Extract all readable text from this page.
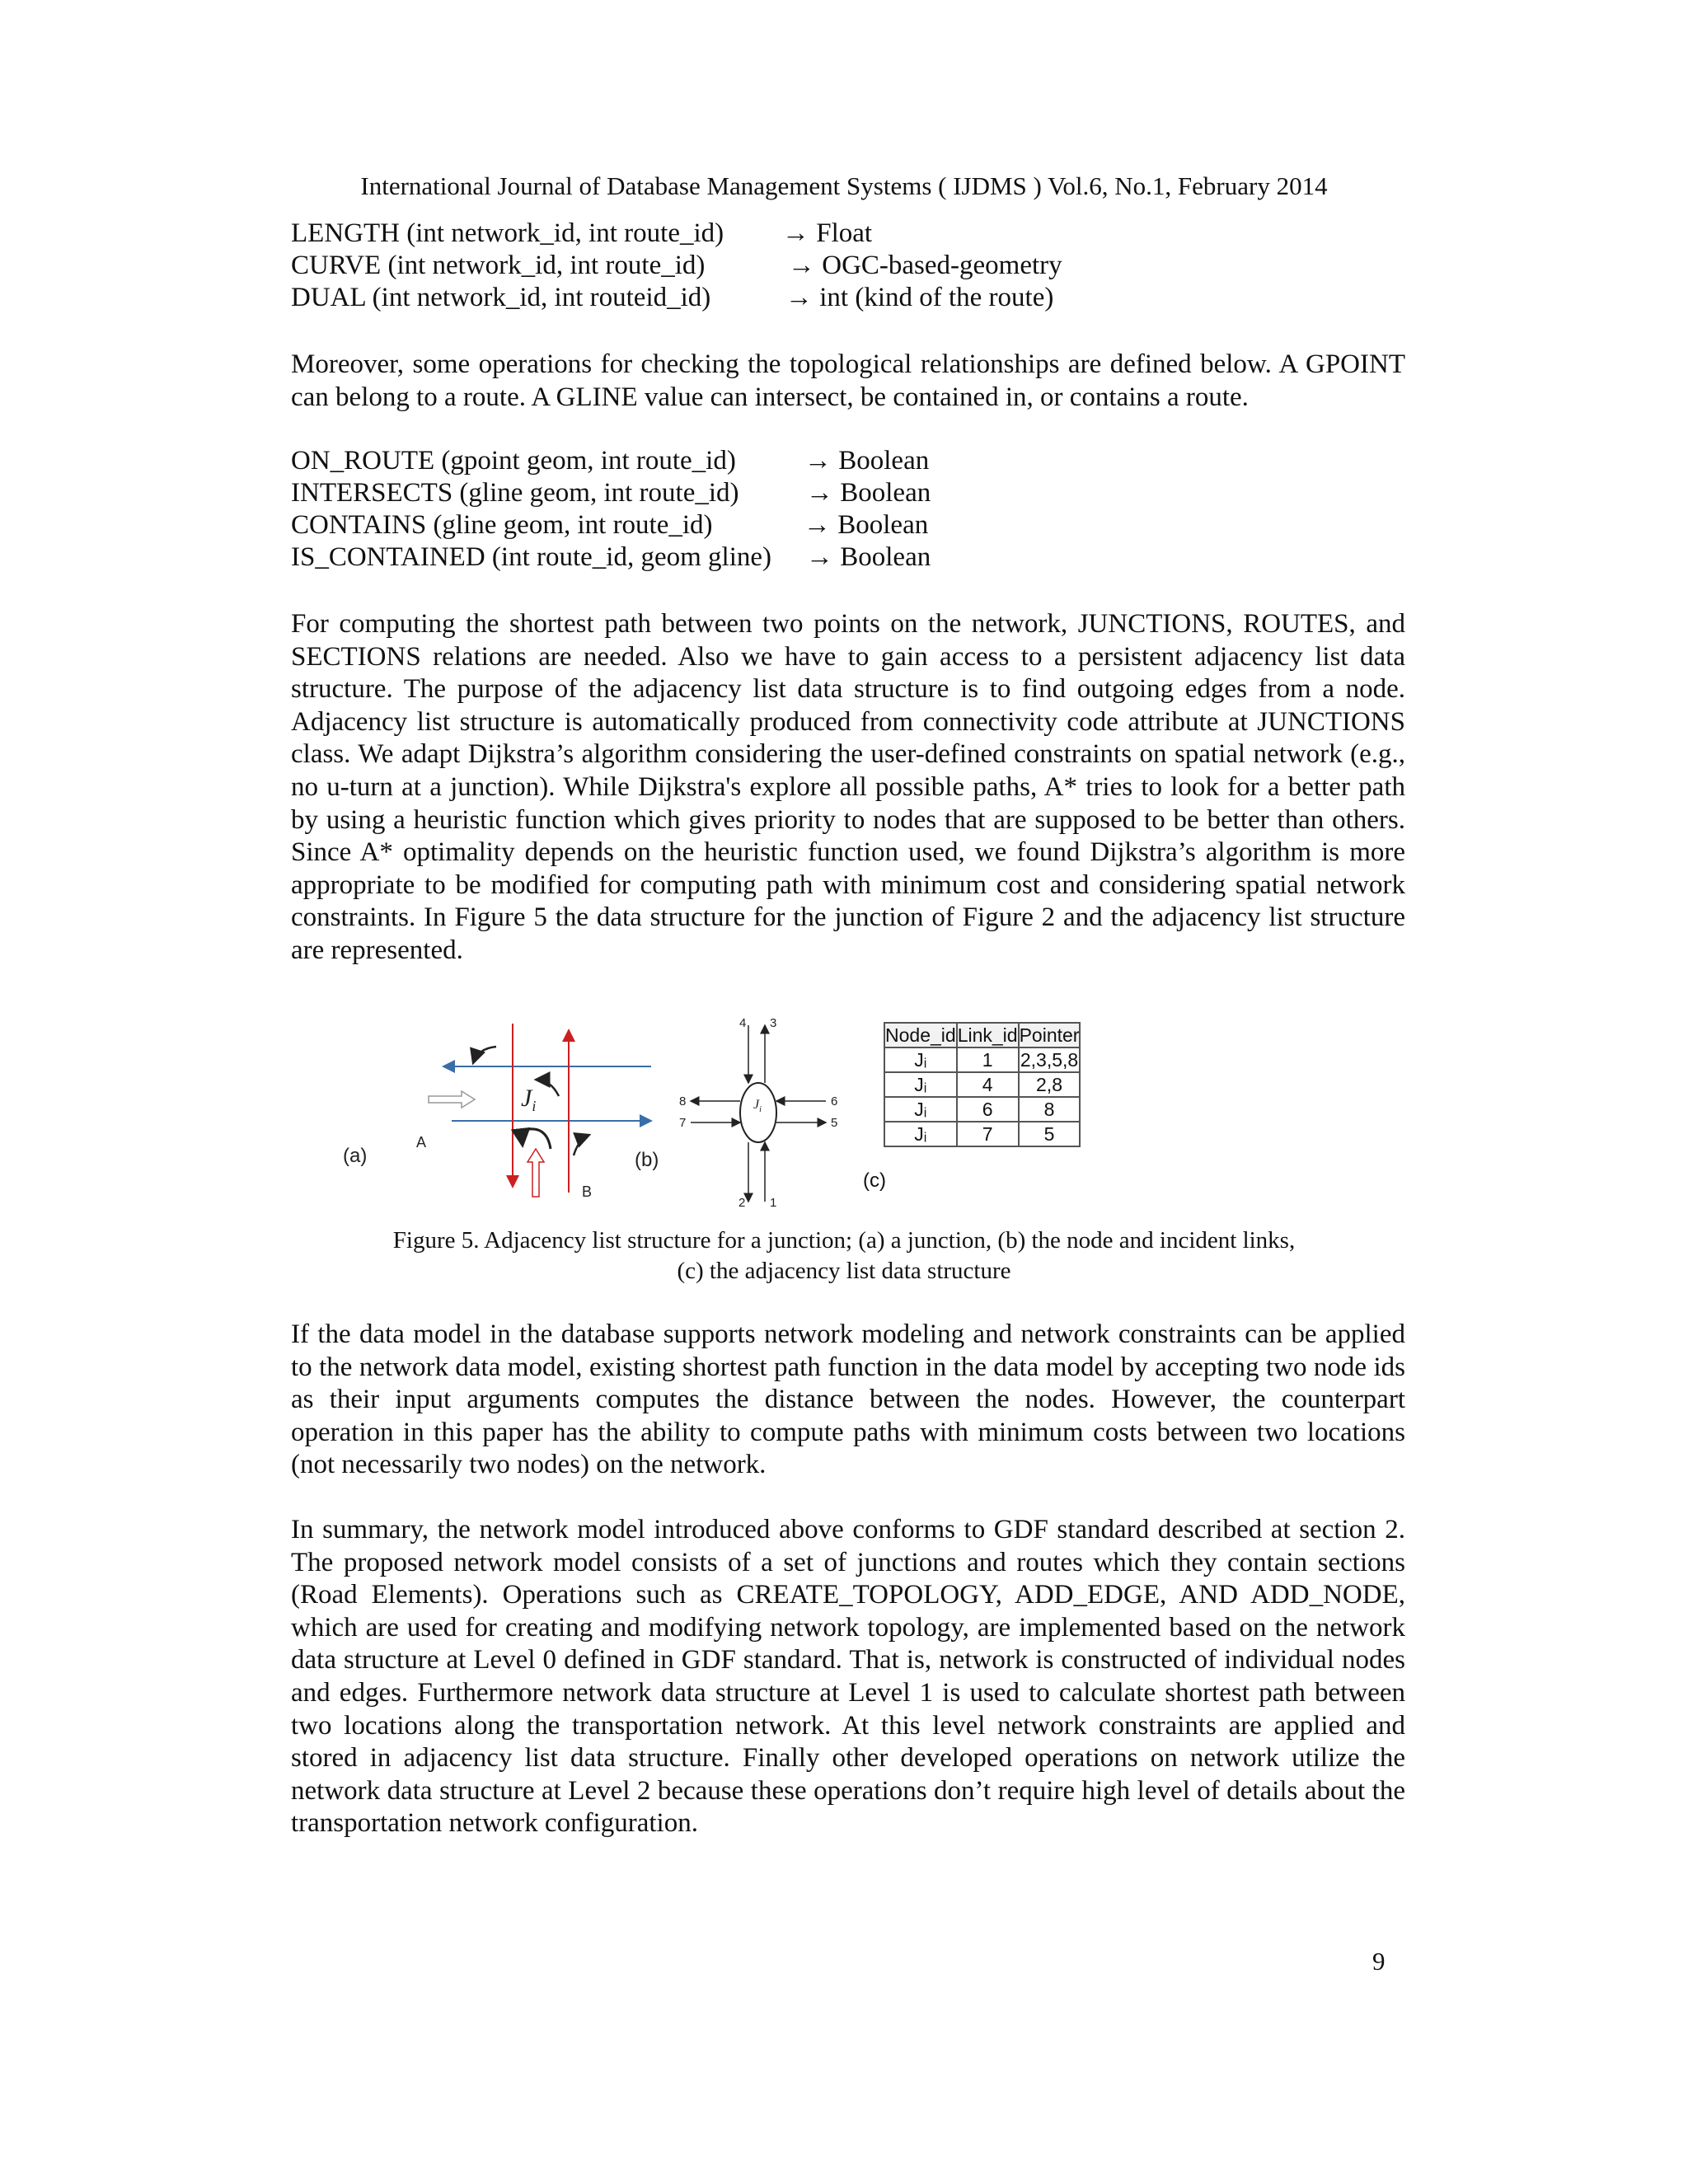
International Journal of Database Management Systems ( IJDMS ) Vol.6, No.1, February 2014
LENGTH (int network_id, int route_id) → Float
CURVE (int network_id, int route_id)	→ OGC-based-geometry
DUAL (int network_id, int routeid_id)	→ int (kind of the route)

Moreover, some operations for checking the topological relationships are defined below. A GPOINT can belong to a route. A GLINE value can intersect, be contained in, or contains a route.

ON_ROUTE (gpoint geom, int route_id)	→ Boolean
INTERSECTS (gline geom, int route_id) → Boolean
CONTAINS (gline geom, int route_id)	→ Boolean
IS_CONTAINED (int route_id, geom gline) → Boolean

For computing the shortest path between two points on the network, JUNCTIONS, ROUTES, and SECTIONS relations are needed. Also we have to gain access to a persistent adjacency list data structure. The purpose of the adjacency list data structure is to find outgoing edges from a node. Adjacency list structure is automatically produced from connectivity code attribute at JUNCTIONS class. We adapt Dijkstra’s algorithm considering the user-defined constraints on spatial network (e.g., no u-turn at a junction). While Dijkstra's explore all possible paths, A* tries to look for a better path by using a heuristic function which gives priority to nodes that are supposed to be better than others. Since A* optimality depends on the heuristic function used, we found Dijkstra’s algorithm is more appropriate to be modified for computing path with minimum cost and considering spatial network constraints. In Figure 5 the data structure for the junction of Figure 2 and the adjacency list structure are represented.

(a)
A
B
$J_i$
(b)
$J_i$
4 3
2 1
8
7
6
5
Node_id	Link_id	Pointer
Jᵢ	1	2,3,5,8
Jᵢ	4	2,8
Jᵢ	6	8
Jᵢ	7	5
(c)
Figure 5. Adjacency list structure for a junction; (a) a junction, (b) the node and incident links,
(c) the adjacency list data structure

If the data model in the database supports network modeling and network constraints can be applied to the network data model, existing shortest path function in the data model by accepting two node ids as their input arguments computes the distance between the nodes. However, the counterpart operation in this paper has the ability to compute paths with minimum costs between two locations (not necessarily two nodes) on the network.

In summary, the network model introduced above conforms to GDF standard described at section 2. The proposed network model consists of a set of junctions and routes which they contain sections (Road Elements). Operations such as CREATE_TOPOLOGY, ADD_EDGE, AND ADD_NODE, which are used for creating and modifying network topology, are implemented based on the network data structure at Level 0 defined in GDF standard. That is, network is constructed of individual nodes and edges. Furthermore network data structure at Level 1 is used to calculate shortest path between two locations along the transportation network. At this level network constraints are applied and stored in adjacency list data structure. Finally other developed operations on network utilize the network data structure at Level 2 because these operations don’t require high level of details about the transportation network configuration.

9
